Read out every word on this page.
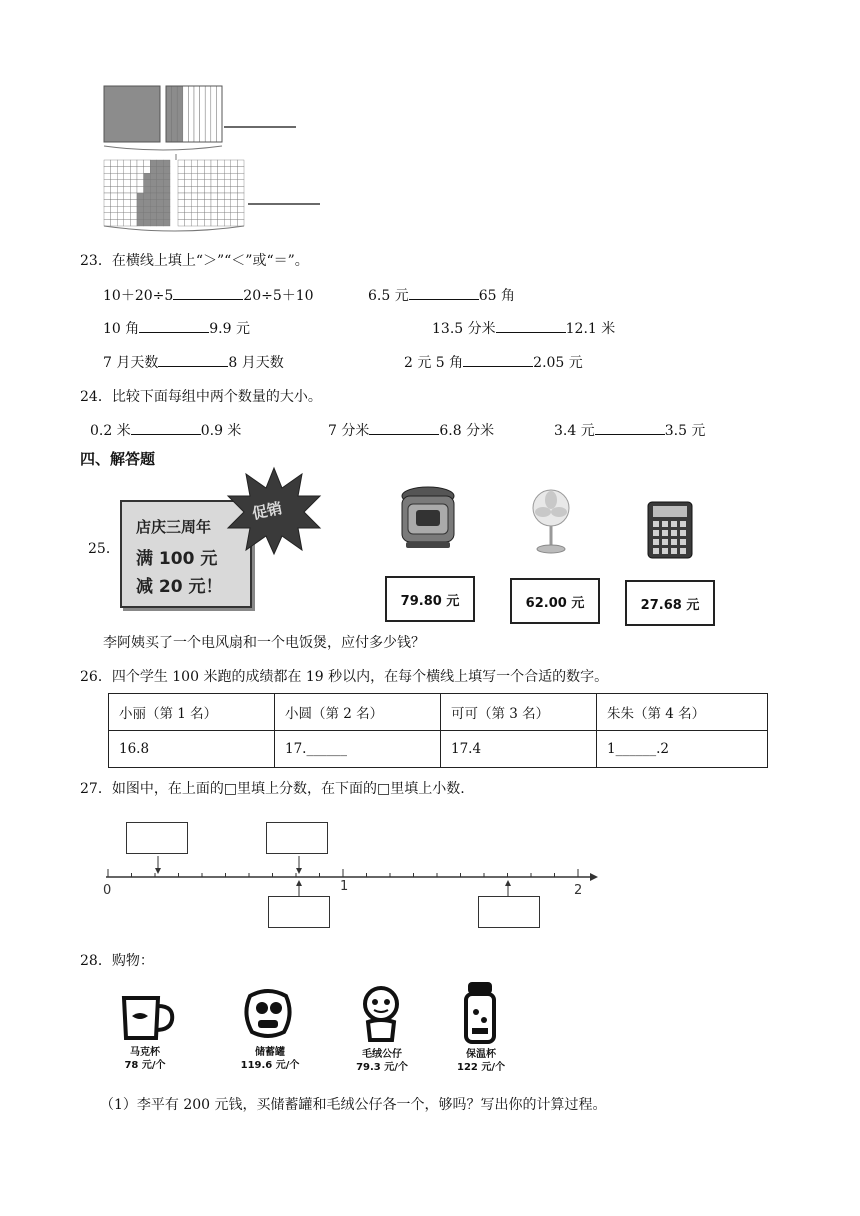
23．在横线上填上“＞”“＜”或“＝”。
10＋20÷5	20÷5＋10	6.5 元	65 角
10 角	9.9 元	13.5 分米	12.1 米
7 月天数	8 月天数	2 元 5 角	2.05 元
24．比较下面每组中两个数量的大小。
0.2 米	0.9 米	7 分米	6.8 分米	3.4 元	3.5 元
四、解答题
25．
店庆三周年
满 100 元
减 20 元！
促销
79.80 元	62.00 元	27.68 元
李阿姨买了一个电风扇和一个电饭煲，应付多少钱？
26．四个学生 100 米跑的成绩都在 19 秒以内，在每个横线上填写一个合适的数字。
小丽（第 1 名）	小圆（第 2 名）	可可（第 3 名）	朱朱（第 4 名）
16.8	17.______	17.4	1______.2
27．如图中，在上面的□里填上分数，在下面的□里填上小数.
0	1	2
28．购物：
马克杯
78 元/个
储蓄罐
119.6 元/个
毛绒公仔
79.3 元/个
保温杯
122 元/个
（1）李平有 200 元钱，买储蓄罐和毛绒公仔各一个，够吗？写出你的计算过程。
